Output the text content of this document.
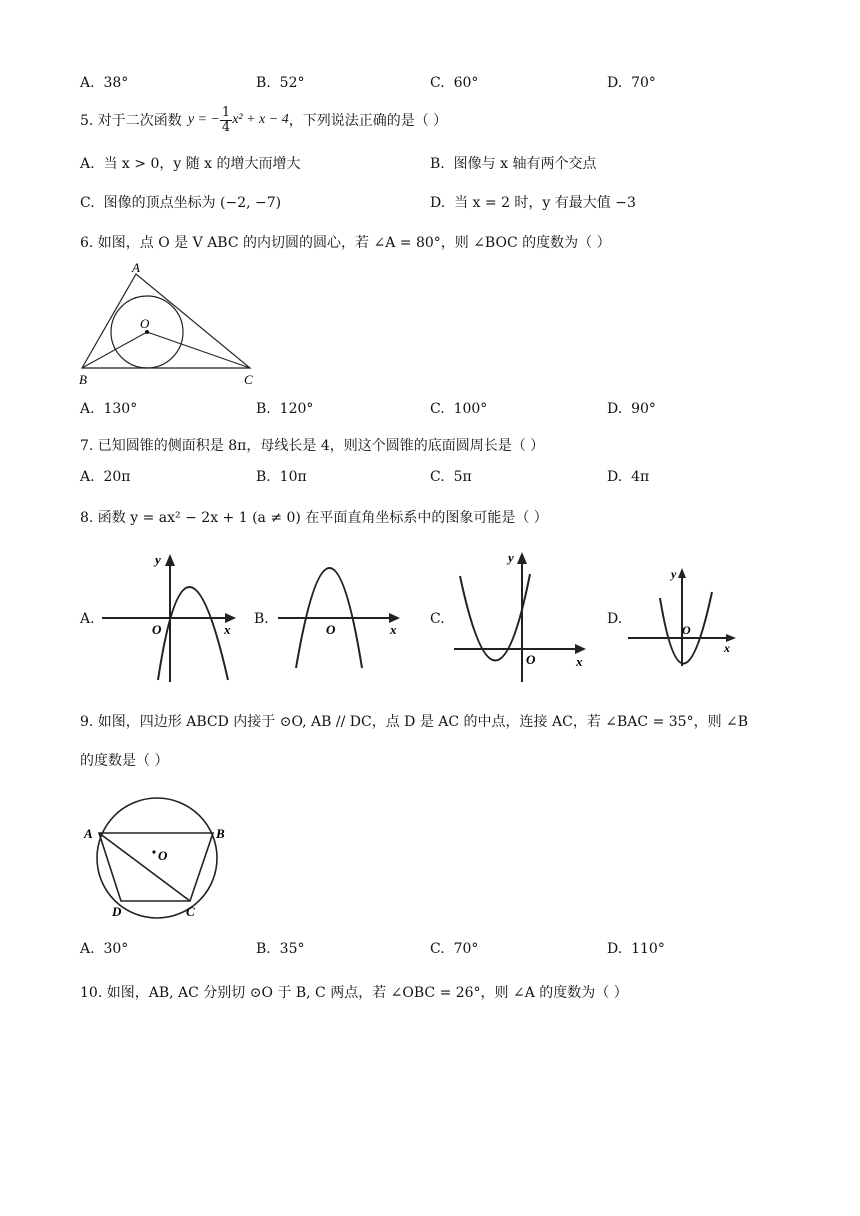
A. 38°	B. 52°	C. 60°	D. 70°
5. 对于二次函数 y = − $\frac{1}{4} x^2 + x - 4$ ，下列说法正确的是（ ）
A. 当 x > 0，y 随 x 的增大而增大	B. 图像与 x 轴有两个交点
C. 图像的顶点坐标为 (−2, −7)	D. 当 x = 2 时，y 有最大值 −3
6. 如图，点 O 是 V ABC 的内切圆的圆心，若 ∠A = 80°，则 ∠BOC 的度数为（ ）
A
B	C
O
A. 130°	B. 120°	C. 100°	D. 90°
7. 已知圆锥的侧面积是 8π，母线长是 4，则这个圆锥的底面圆周长是（ ）
A. 20π	B. 10π	C. 5π	D. 4π
8. 函数 y = ax² − 2x + 1 (a ≠ 0) 在平面直角坐标系中的图象可能是（ ）
A.
y
x
O
B.
x
O
C.
y
x
O
D.
y
x
O
9. 如图，四边形 ABCD 内接于 ⊙O, AB // DC，点 D 是 AC 的中点，连接 AC，若 ∠BAC = 35°，则 ∠B
的度数是（ ）
A	B
C
D
O
A. 30°	B. 35°	C. 70°	D. 110°
10. 如图，AB, AC 分别切 ⊙O 于 B, C 两点，若 ∠OBC = 26°，则 ∠A 的度数为（ ）
